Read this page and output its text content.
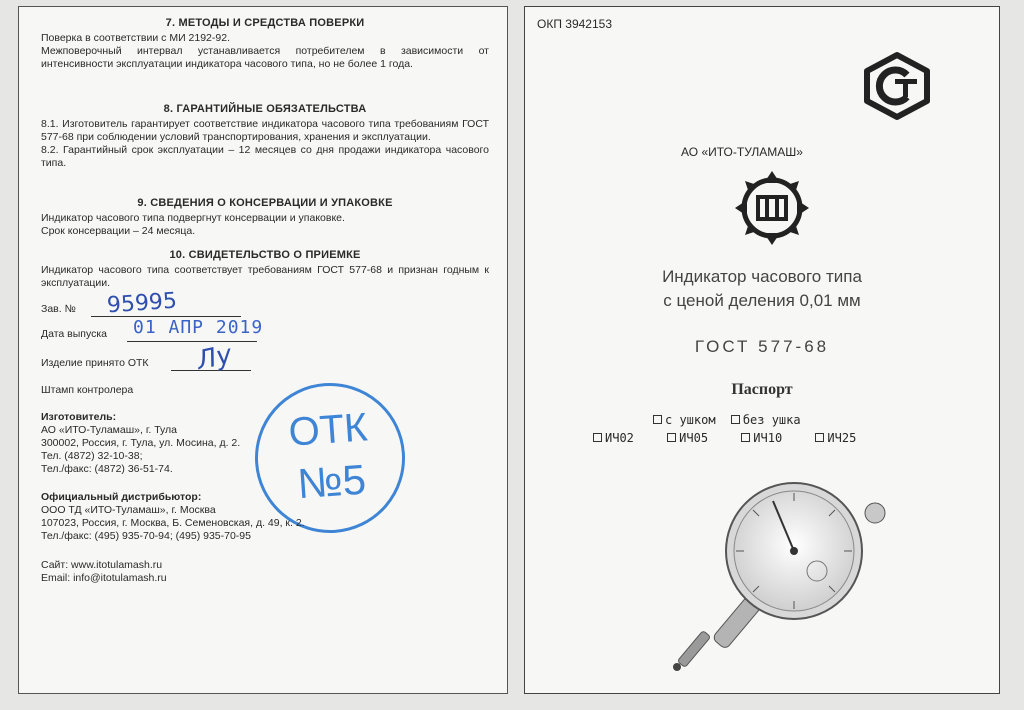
7. МЕТОДЫ И СРЕДСТВА ПОВЕРКИ

Поверка в соответствии с МИ 2192-92.

Межповерочный интервал устанавливается потребителем в зависимости от интенсивности эксплуатации индикатора часового типа, но не более 1 года.

8. ГАРАНТИЙНЫЕ ОБЯЗАТЕЛЬСТВА

8.1. Изготовитель гарантирует соответствие индикатора часового типа требованиям ГОСТ 577-68 при соблюдении условий транспортирования, хранения и эксплуатации.

8.2. Гарантийный срок эксплуатации – 12 месяцев со дня продажи индикатора часового типа.

9. СВЕДЕНИЯ О КОНСЕРВАЦИИ И УПАКОВКЕ

Индикатор часового типа подвергнут консервации и упаковке.

Срок консервации – 24 месяца.

10. СВИДЕТЕЛЬСТВО О ПРИЕМКЕ

Индикатор часового типа соответствует требованиям ГОСТ 577-68 и признан годным к эксплуатации.

Зав. № 95995
Дата выпуска 01 АПР 2019
Изделие принято ОТК Лу
Штамп контролера
ОТК
№5

Изготовитель:

АО «ИТО-Туламаш», г. Тула

300002, Россия, г. Тула, ул. Мосина, д. 2.

Тел. (4872) 32-10-38;

Тел./факс: (4872) 36-51-74.

Официальный дистрибьютор:

ООО ТД «ИТО-Туламаш», г. Москва

107023, Россия, г. Москва, Б. Семеновская, д. 49, к. 2.

Тел./факс: (495) 935-70-94; (495) 935-70-95

Сайт: www.itotulamash.ru

Email: info@itotulamash.ru

ОКП 3942153
АО «ИТО-ТУЛАМАШ»
Индикатор часового типа
с ценой деления 0,01 мм
ГОСТ 577-68
Паспорт
с ушком без ушка
ИЧ02	ИЧ05	ИЧ10	ИЧ25
